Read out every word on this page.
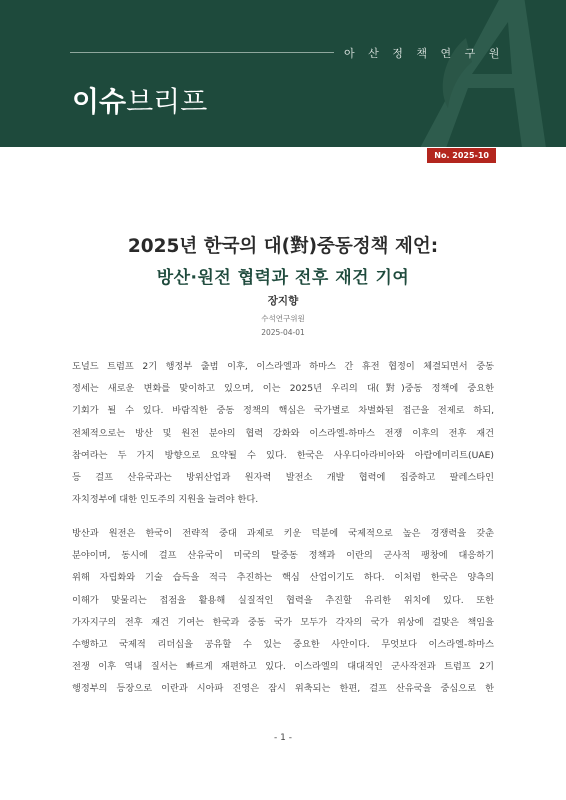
아 산 정 책 연 구 원
이슈브리프
No. 2025-10
2025년 한국의 대(對)중동정책 제언:
방산·원전 협력과 전후 재건 기여
장지향
수석연구위원
2025-04-01
도널드 트럼프 2기 행정부 출범 이후, 이스라엘과 하마스 간 휴전 협정이 체결되면서 중동
정세는 새로운 변화를 맞이하고 있으며, 이는 2025년 우리의 대(對)중동 정책에 중요한
기회가 될 수 있다. 바람직한 중동 정책의 핵심은 국가별로 차별화된 접근을 전제로 하되,
전체적으로는 방산 및 원전 분야의 협력 강화와 이스라엘-하마스 전쟁 이후의 전후 재건
참여라는 두 가지 방향으로 요약될 수 있다. 한국은 사우디아라비아와 아랍에미리트(UAE)
등 걸프 산유국과는 방위산업과 원자력 발전소 개발 협력에 집중하고 팔레스타인
자치정부에 대한 인도주의 지원을 늘려야 한다.
방산과 원전은 한국이 전략적 중대 과제로 키운 덕분에 국제적으로 높은 경쟁력을 갖춘
분야이며, 동시에 걸프 산유국이 미국의 탈중동 정책과 이란의 군사적 팽창에 대응하기
위해 자립화와 기술 습득을 적극 추진하는 핵심 산업이기도 하다. 이처럼 한국은 양측의
이해가 맞물리는 접점을 활용해 실질적인 협력을 추진할 유리한 위치에 있다. 또한
가자지구의 전후 재건 기여는 한국과 중동 국가 모두가 각자의 국가 위상에 걸맞은 책임을
수행하고 국제적 리더십을 공유할 수 있는 중요한 사안이다. 무엇보다 이스라엘-하마스
전쟁 이후 역내 질서는 빠르게 재편하고 있다. 이스라엘의 대대적인 군사작전과 트럼프 2기
행정부의 등장으로 이란과 시아파 진영은 잠시 위축되는 한편, 걸프 산유국을 중심으로 한
- 1 -
